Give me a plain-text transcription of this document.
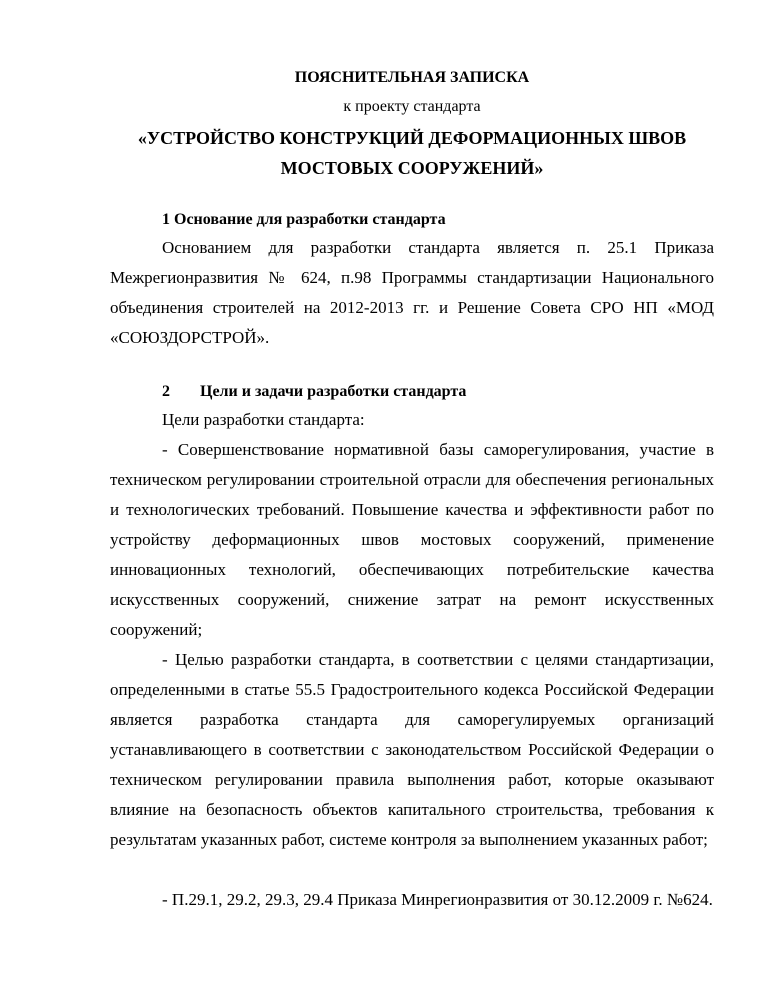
ПОЯСНИТЕЛЬНАЯ ЗАПИСКА
к проекту стандарта
«УСТРОЙСТВО КОНСТРУКЦИЙ ДЕФОРМАЦИОННЫХ ШВОВ
МОСТОВЫХ СООРУЖЕНИЙ»
1 Основание для разработки стандарта

Основанием для разработки стандарта является п. 25.1 Приказа Межрегионразвития № 624, п.98 Программы стандартизации Национального объединения строителей на 2012-2013 гг. и Решение Совета СРО НП «МОД «СОЮЗДОРСТРОЙ».

2 Цели и задачи разработки стандарта

Цели разработки стандарта:

- Совершенствование нормативной базы саморегулирования, участие в техническом регулировании строительной отрасли для обеспечения региональных и технологических требований. Повышение качества и эффективности работ по устройству деформационных швов мостовых сооружений, применение инновационных технологий, обеспечивающих потребительские качества искусственных сооружений, снижение затрат на ремонт искусственных сооружений;

- Целью разработки стандарта, в соответствии с целями стандартизации, определенными в статье 55.5 Градостроительного кодекса Российской Федерации является разработка стандарта для саморегулируемых организаций устанавливающего в соответствии с законодательством Российской Федерации о техническом регулировании правила выполнения работ, которые оказывают влияние на безопасность объектов капитального строительства, требования к результатам указанных работ, системе контроля за выполнением указанных работ;

- П.29.1, 29.2, 29.3, 29.4 Приказа Минрегионразвития от 30.12.2009 г. №624.
